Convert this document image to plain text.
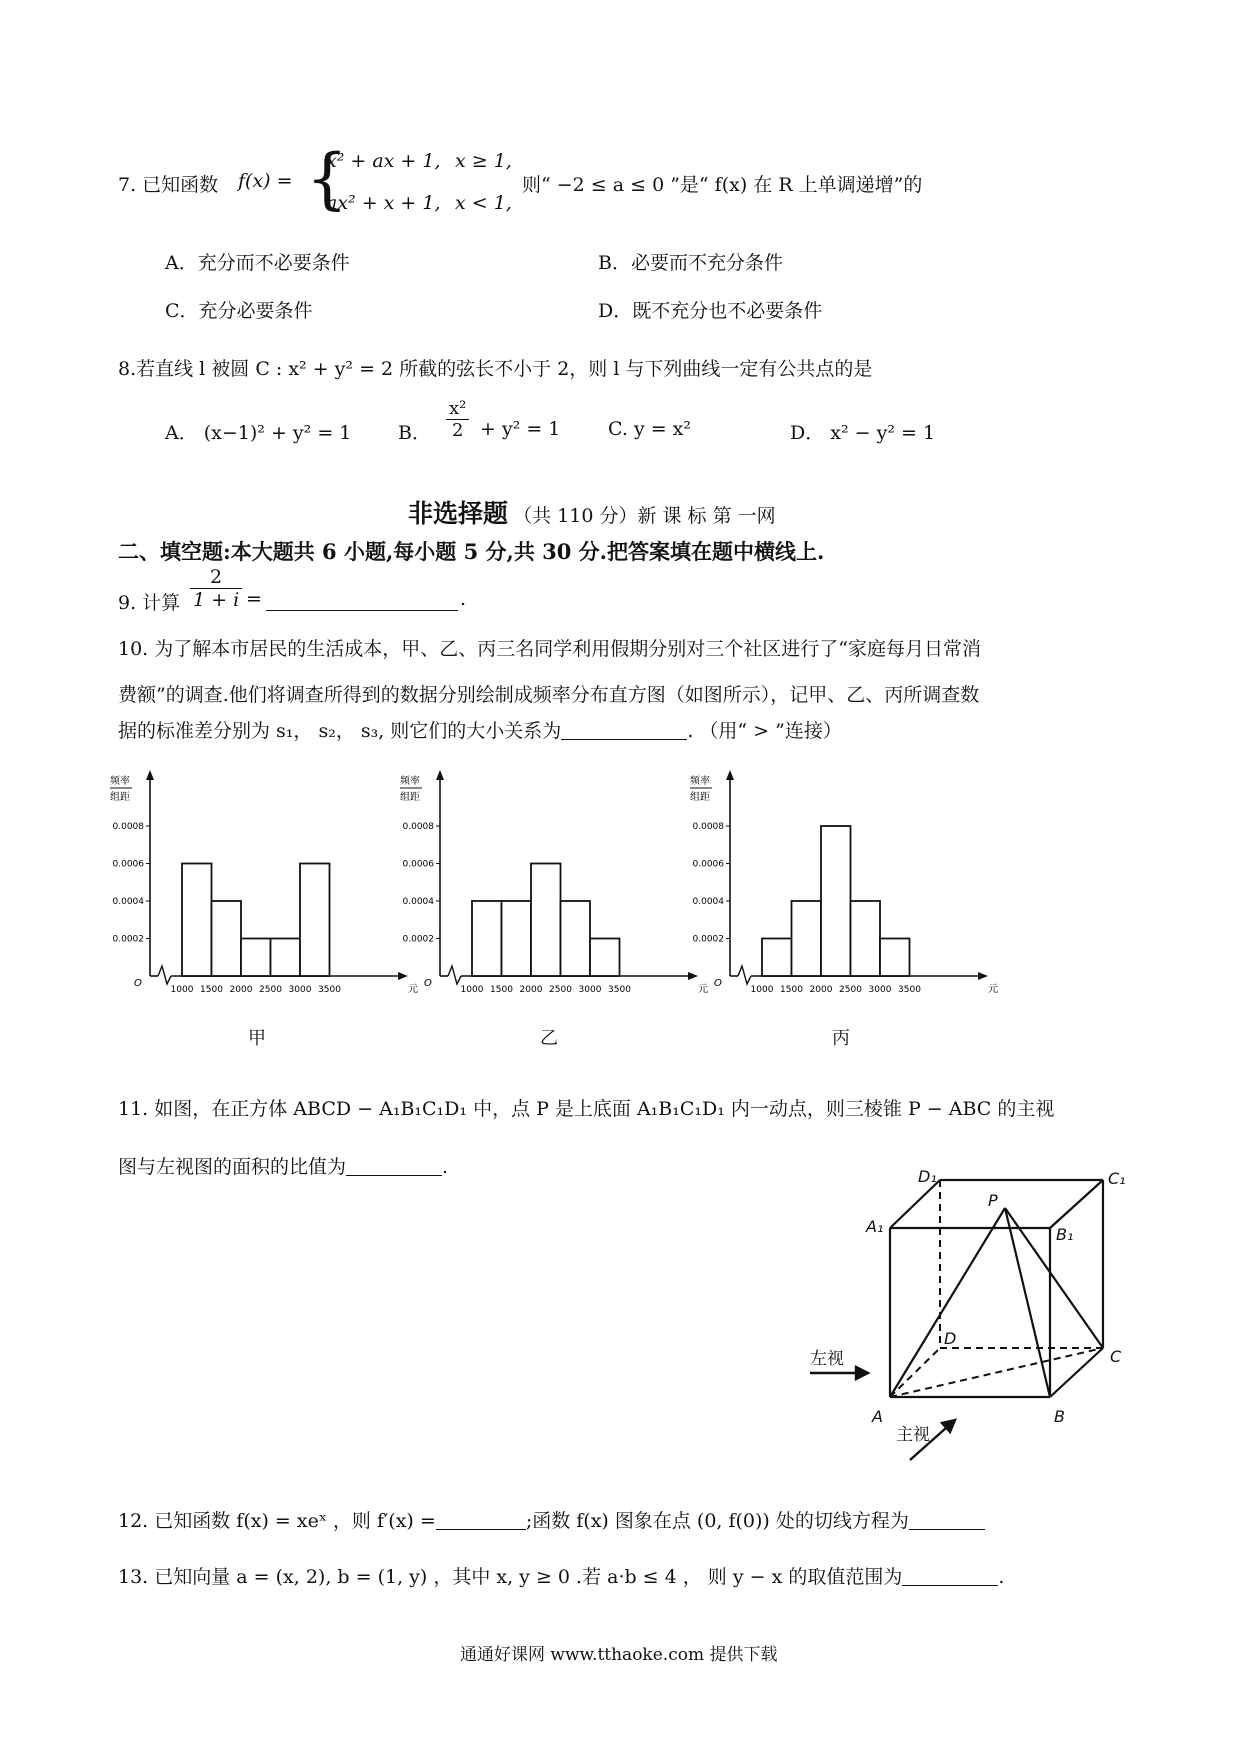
7. 已知函数 f(x) = {
x² + ax + 1, x ≥ 1,
ax² + x + 1, x < 1,
则“ −2 ≤ a ≤ 0 ”是“ f(x) 在 R 上单调递增”的
A．充分而不必要条件	B．必要而不充分条件
C．充分必要条件	D．既不充分也不必要条件
8.若直线 l 被圆 C : x² + y² = 2 所截的弦长不小于 2，则 l 与下列曲线一定有公共点的是
A． (x−1)² + y² = 1 B． $\frac{\text{x²}}{2} + y^2 = 1$	C. y = x²	D． x² − y² = 1
非选择题 （共 110 分）新 课 标 第 一网
二、填空题:本大题共 6 小题,每小题 5 分,共 30 分.把答案填在题中横线上.
9. 计算 $\frac{2}{1 + i}$ =	.
10. 为了解本市居民的生活成本，甲、乙、丙三名同学利用假期分别对三个社区进行了“家庭每月日常消
费额”的调查.他们将调查所得到的数据分别绘制成频率分布直方图（如图所示），记甲、乙、丙所调查数
据的标准差分别为 s₁， s₂， s₃, 则它们的大小关系为	. （用“ > ”连接）
频率
组距
O
0.0002
0.0004
0.0006
0.0008
1000 1500 2000 2500 3000 3500	元
频率
组距
O
0.0002
0.0004
0.0006
0.0008
1000 1500 2000 2500 3000 3500	元
频率
组距
O
0.0002
0.0004
0.0006
0.0008
1000 1500 2000 2500 3000 3500	元
甲	乙	丙
11. 如图，在正方体 ABCD − A₁B₁C₁D₁ 中，点 P 是上底面 A₁B₁C₁D₁ 内一动点，则三棱锥 P − ABC 的主视
图与左视图的面积的比值为	.	D₁	C₁
A₁	B₁
P
D
C
A	B
左视
主视
12. 已知函数 f(x) = xeˣ ，则 f′(x) =	;函数 f(x) 图象在点 (0, f(0)) 处的切线方程为
13. 已知向量 a = (x, 2), b = (1, y) ，其中 x, y ≥ 0 .若 a·b ≤ 4 ， 则 y − x 的取值范围为	.
通通好课网 www.tthaoke.com 提供下载
